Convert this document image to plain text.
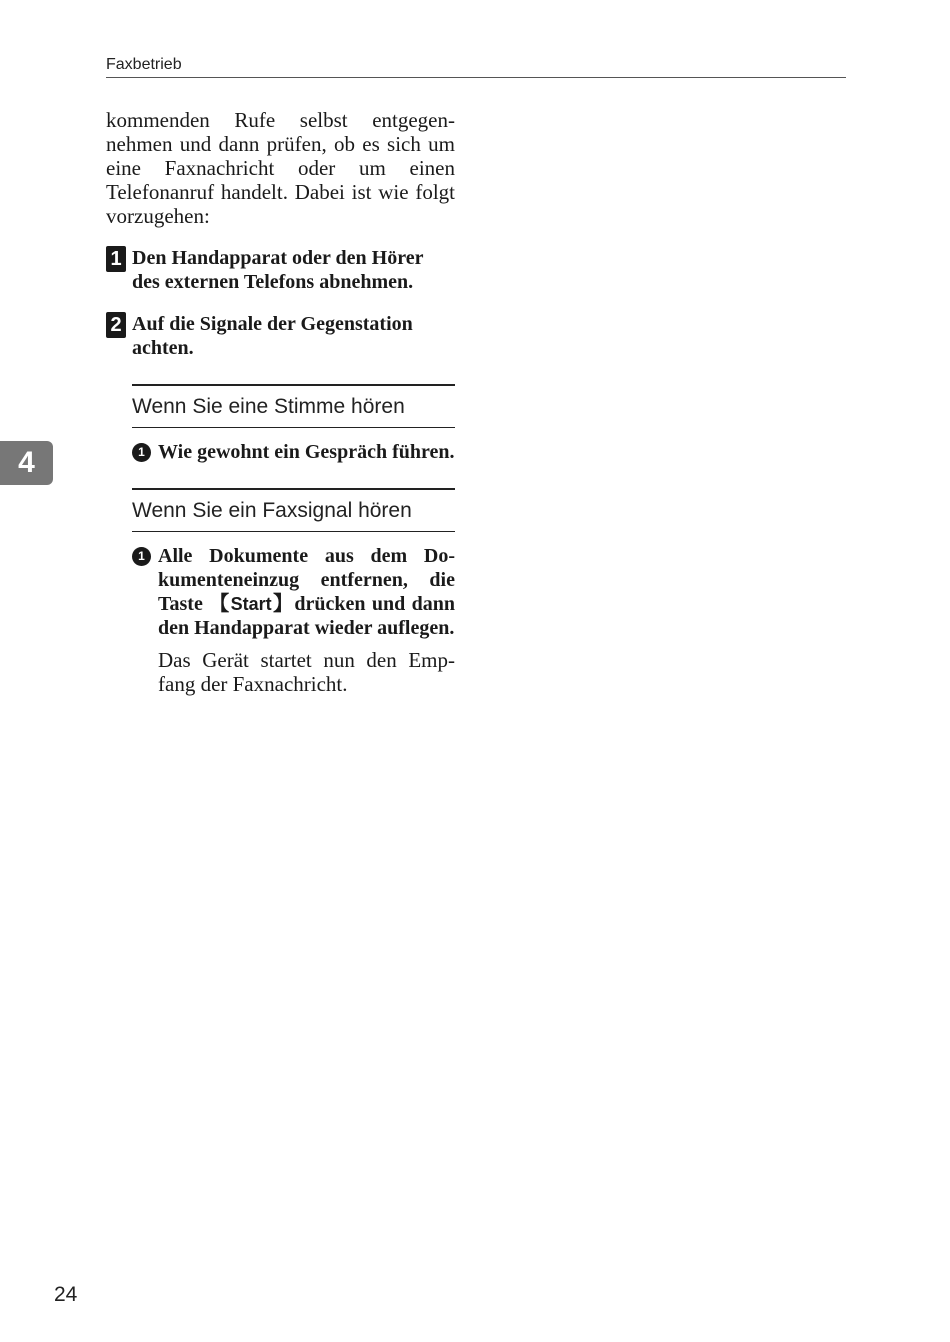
Faxbetrieb
4

kommenden Rufe selbst entgegen-nehmen und dann prüfen, ob es sich um eine Faxnachricht oder um einen Telefonanruf handelt. Dabei ist wie folgt vorzugehen:

1 Den Handapparat oder den Hörer des externen Telefons abnehmen.
2 Auf die Signale der Gegenstation achten.
Wenn Sie eine Stimme hören
1 Wie gewohnt ein Gespräch führen.
Wenn Sie ein Faxsignal hören
1 Alle Dokumente aus dem Do-kumenteneinzug entfernen, die Taste 【Start】drücken und dann den Handapparat wieder auflegen.
Das Gerät startet nun den Emp-fang der Faxnachricht.
24
